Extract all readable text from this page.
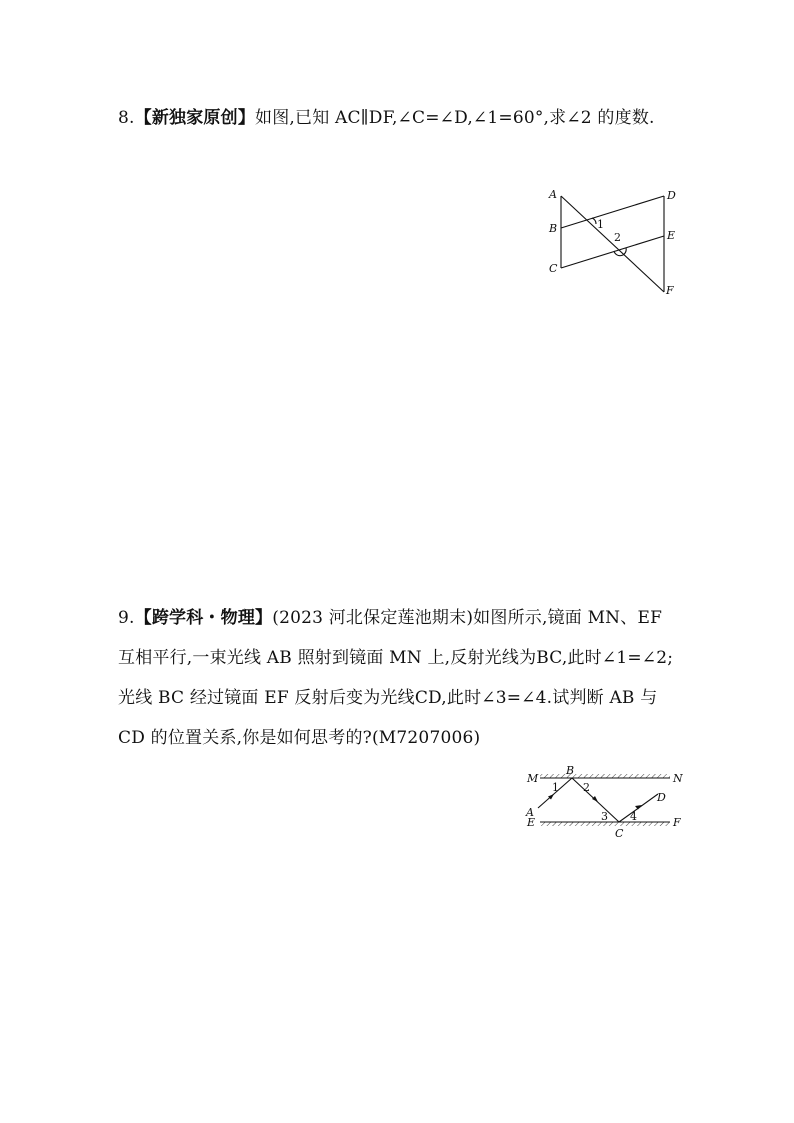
8.【新独家原创】如图,已知 AC∥DF,∠C=∠D,∠1=60°,求∠2 的度数.
A
B
C
D
E
F
1
2
9.【跨学科・物理】(2023 河北保定莲池期末)如图所示,镜面 MN、EF 互相平行,一束光线 AB 照射到镜面 MN 上,反射光线为BC,此时∠1=∠2;光线 BC 经过镜面 EF 反射后变为光线CD,此时∠3=∠4.试判断 AB 与 CD 的位置关系,你是如何思考的?(M7207006)
M	N
E	F
A
B
C
D
1 2
3 4
